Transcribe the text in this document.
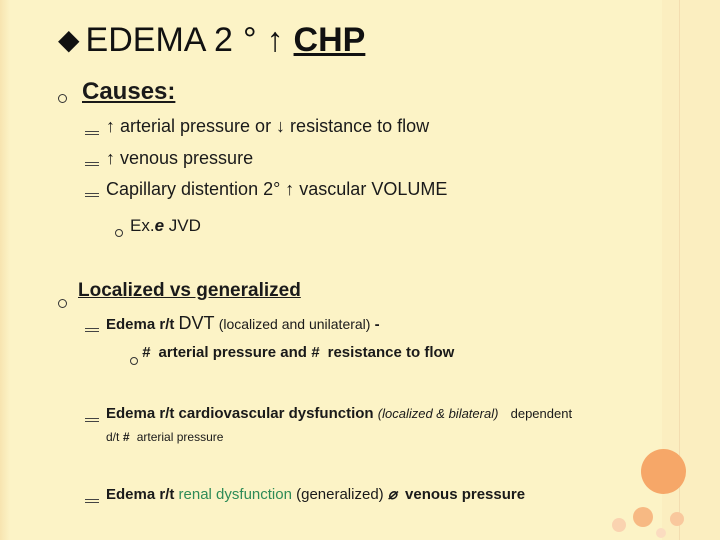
◆ EDEMA 2 ° ↑ CHP
Causes:
↑ arterial pressure or ↓ resistance to flow
↑ venous pressure
Capillary distention 2° ↑ vascular VOLUME
Ex.e JVD
Localized vs generalized
Edema r/t DVT (localized and unilateral) -
# arterial pressure and # resistance to flow
Edema r/t cardiovascular dysfunction (localized & bilateral) dependent
d/t # arterial pressure
Edema r/t renal dysfunction (generalized) ⌀ venous pressure
